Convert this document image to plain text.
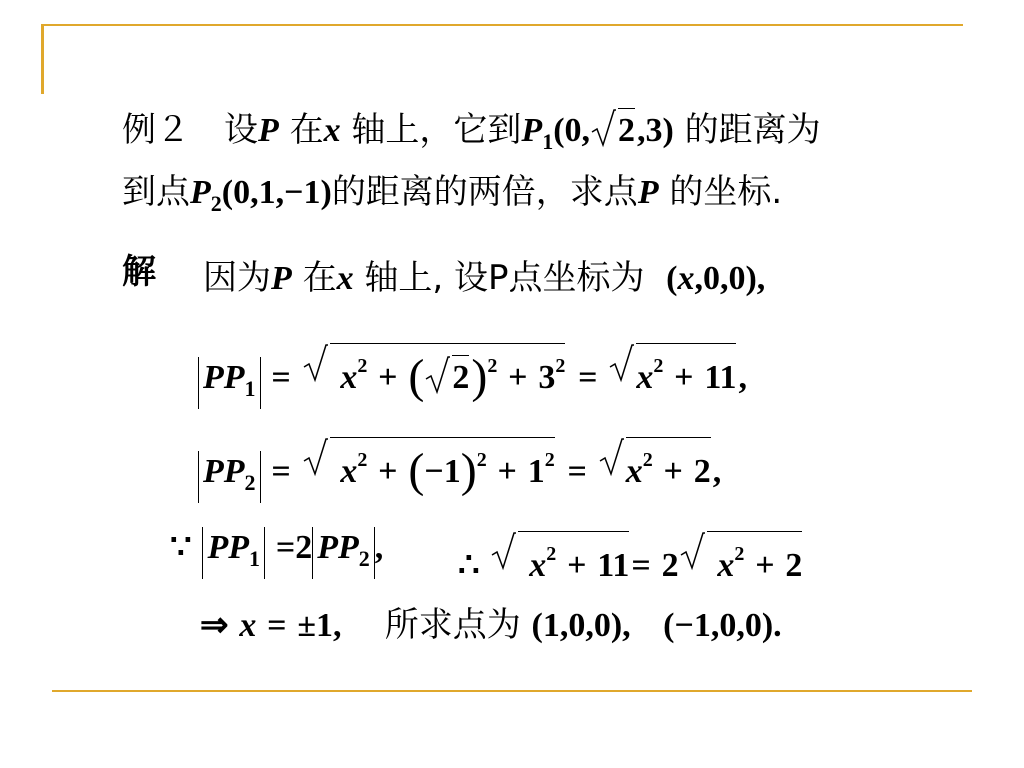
例２　设P 在x 轴上，它到$P_1(0$, 2,3) 的距离为
到点$P_2(0,1,-1)$的距离的两倍，求点P 的坐标.
解 因为P 在x 轴上, 设P点坐标为 (x,0,0),
$PP_1 = x^2$ + ( $2)^2 + 3^2 = x^2 + 11$,
$PP_2 = x^2 + (-1)^2 + 1^2 = x^2 + 2$,
∵ $PP_1 =2$ $PP_2$ , ∴ $x^2 + 11= 2$ $x^2 + 2$
⇒ x = ±1, 所求点为 (1,0,0), (−1,0,0).
